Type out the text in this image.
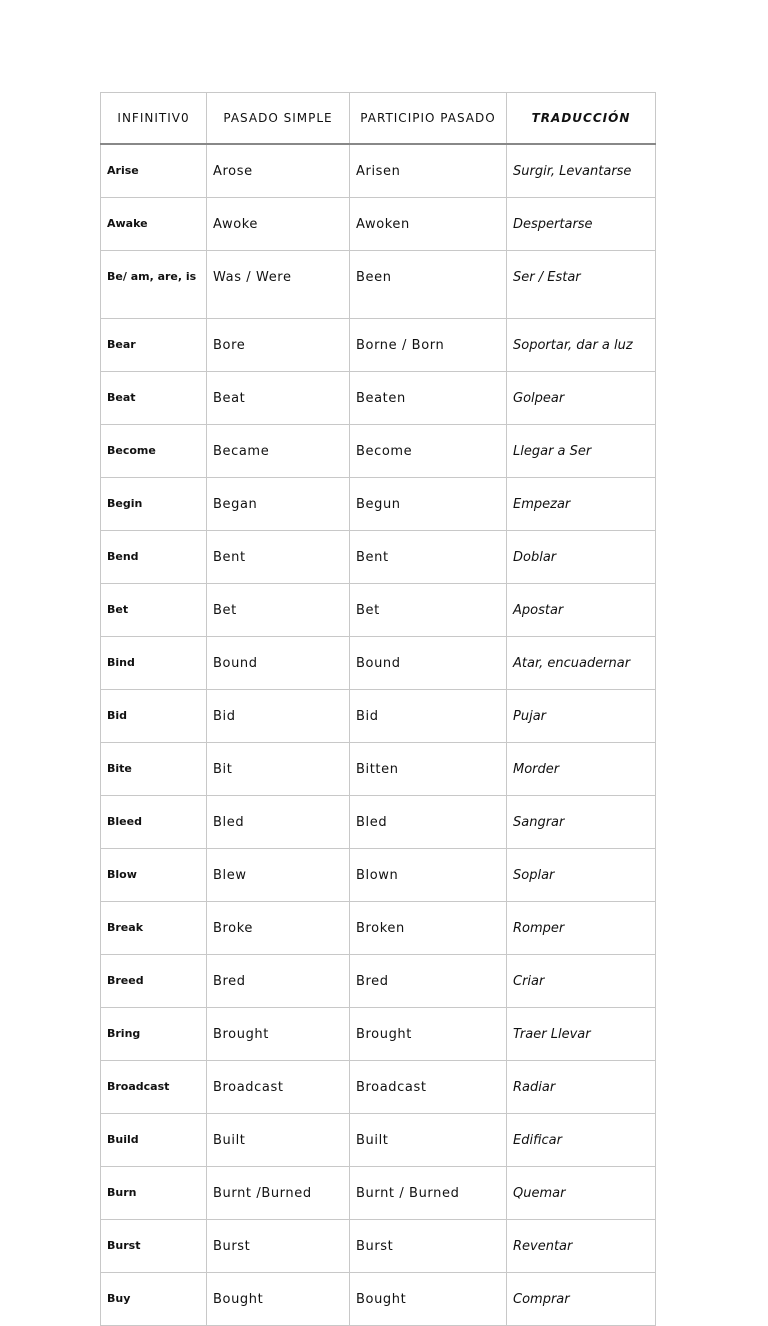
INFINITIV0	PASADO SIMPLE	PARTICIPIO PASADO	TRADUCCIÓN
Arise	Arose	Arisen	Surgir, Levantarse
Awake	Awoke	Awoken	Despertarse
Be/ am, are, is	Was / Were	Been	Ser / Estar
Bear	Bore	Borne / Born	Soportar, dar a luz
Beat	Beat	Beaten	Golpear
Become	Became	Become	Llegar a Ser
Begin	Began	Begun	Empezar
Bend	Bent	Bent	Doblar
Bet	Bet	Bet	Apostar
Bind	Bound	Bound	Atar, encuadernar
Bid	Bid	Bid	Pujar
Bite	Bit	Bitten	Morder
Bleed	Bled	Bled	Sangrar
Blow	Blew	Blown	Soplar
Break	Broke	Broken	Romper
Breed	Bred	Bred	Criar
Bring	Brought	Brought	Traer Llevar
Broadcast	Broadcast	Broadcast	Radiar
Build	Built	Built	Edificar
Burn	Burnt /Burned	Burnt / Burned	Quemar
Burst	Burst	Burst	Reventar
Buy	Bought	Bought	Comprar
